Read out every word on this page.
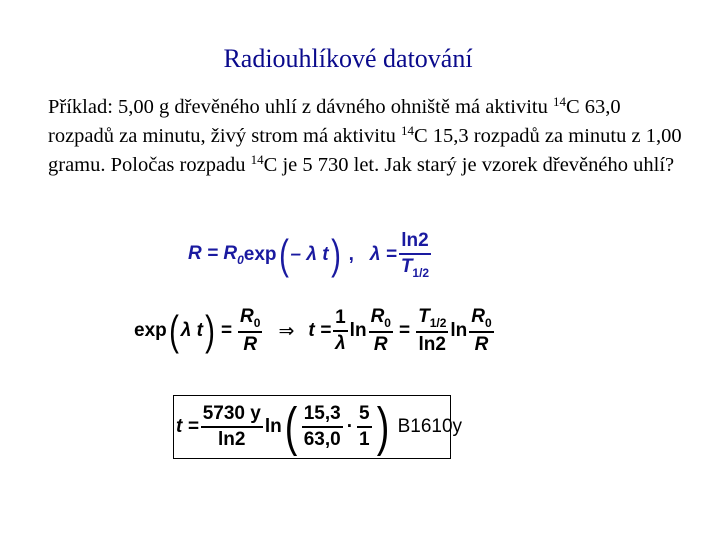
Radiouhlíkové datování
Příklad: 5,00 g dřevěného uhlí z dávného ohniště má aktivitu $^{14}$C 63,0 rozpadů za minutu, živý strom má aktivitu $^{14}$C 15,3 rozpadů za minutu z 1,00 gramu. Poločas rozpadu $^{14}$C je 5 730 let. Jak starý je vzorek dřevěného uhlí?
$R = R_0$ exp ( – λ t ) , $\lambda = \frac{\ln 2}{T_{1/2}}$
exp ( λ t ) = $\frac{R_0}{R}$ ⇒ $t = \frac{1}{\lambda}$ $\ln \frac{R_0}{R} = \frac{T_{1/2}}{\ln 2}$ $\ln \frac{R_0}{R}$
$t = \frac{5730 y}{\ln 2}$ ln ( $\frac{15,3}{63,0} \cdot \frac{5}{1}$ ) B1610y
